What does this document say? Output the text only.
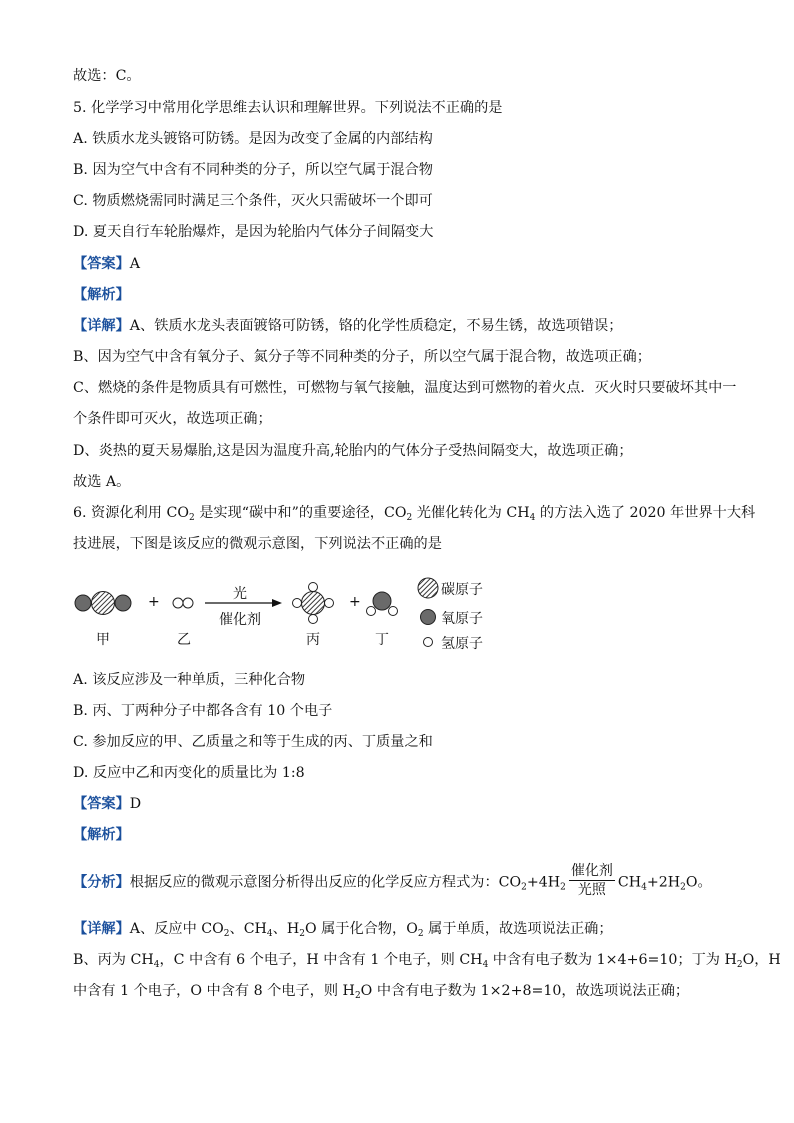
故选：C。
5. 化学学习中常用化学思维去认识和理解世界。下列说法不正确的是
A. 铁质水龙头镀铬可防锈。是因为改变了金属的内部结构
B. 因为空气中含有不同种类的分子，所以空气属于混合物
C. 物质燃烧需同时满足三个条件，灭火只需破坏一个即可
D. 夏天自行车轮胎爆炸，是因为轮胎内气体分子间隔变大
【答案】A
【解析】
【详解】A、铁质水龙头表面镀铬可防锈，铬的化学性质稳定，不易生锈，故选项错误；
B、因为空气中含有氧分子、氮分子等不同种类的分子，所以空气属于混合物，故选项正确；
C、燃烧的条件是物质具有可燃性，可燃物与氧气接触，温度达到可燃物的着火点．灭火时只要破坏其中一
个条件即可灭火，故选项正确；
D、炎热的夏天易爆胎,这是因为温度升高,轮胎内的气体分子受热间隔变大，故选项正确；
故选 A。
6. 资源化利用 $CO_2$ 是实现“碳中和”的重要途径，$CO_2$ 光催化转化为 $CH_4$ 的方法入选了 2020 年世界十大科
技进展，下图是该反应的微观示意图，下列说法不正确的是
+	+
光
催化剂
甲	乙	丙	丁
碳原子
氧原子
氢原子
A. 该反应涉及一种单质，三种化合物
B. 丙、丁两种分子中都各含有 10 个电子
C. 参加反应的甲、乙质量之和等于生成的丙、丁质量之和
D. 反应中乙和丙变化的质量比为 1:8
【答案】D
【解析】
【分析】根据反应的微观示意图分析得出反应的化学反应方程式为：$CO_2+4H_2 \frac{\text{催化剂}}{\text{光照}} CH_4+2H_2O$。
【详解】A、反应中 $CO_2$、$CH_4$、$H_2O$ 属于化合物，$O_2$ 属于单质，故选项说法正确；
B、丙为 $CH_4$，C 中含有 6 个电子，H 中含有 1 个电子，则 $CH_4$ 中含有电子数为 1×4+6=10；丁为 $H_2O$，H
中含有 1 个电子，O 中含有 8 个电子，则 $H_2O$ 中含有电子数为 1×2+8=10，故选项说法正确；
